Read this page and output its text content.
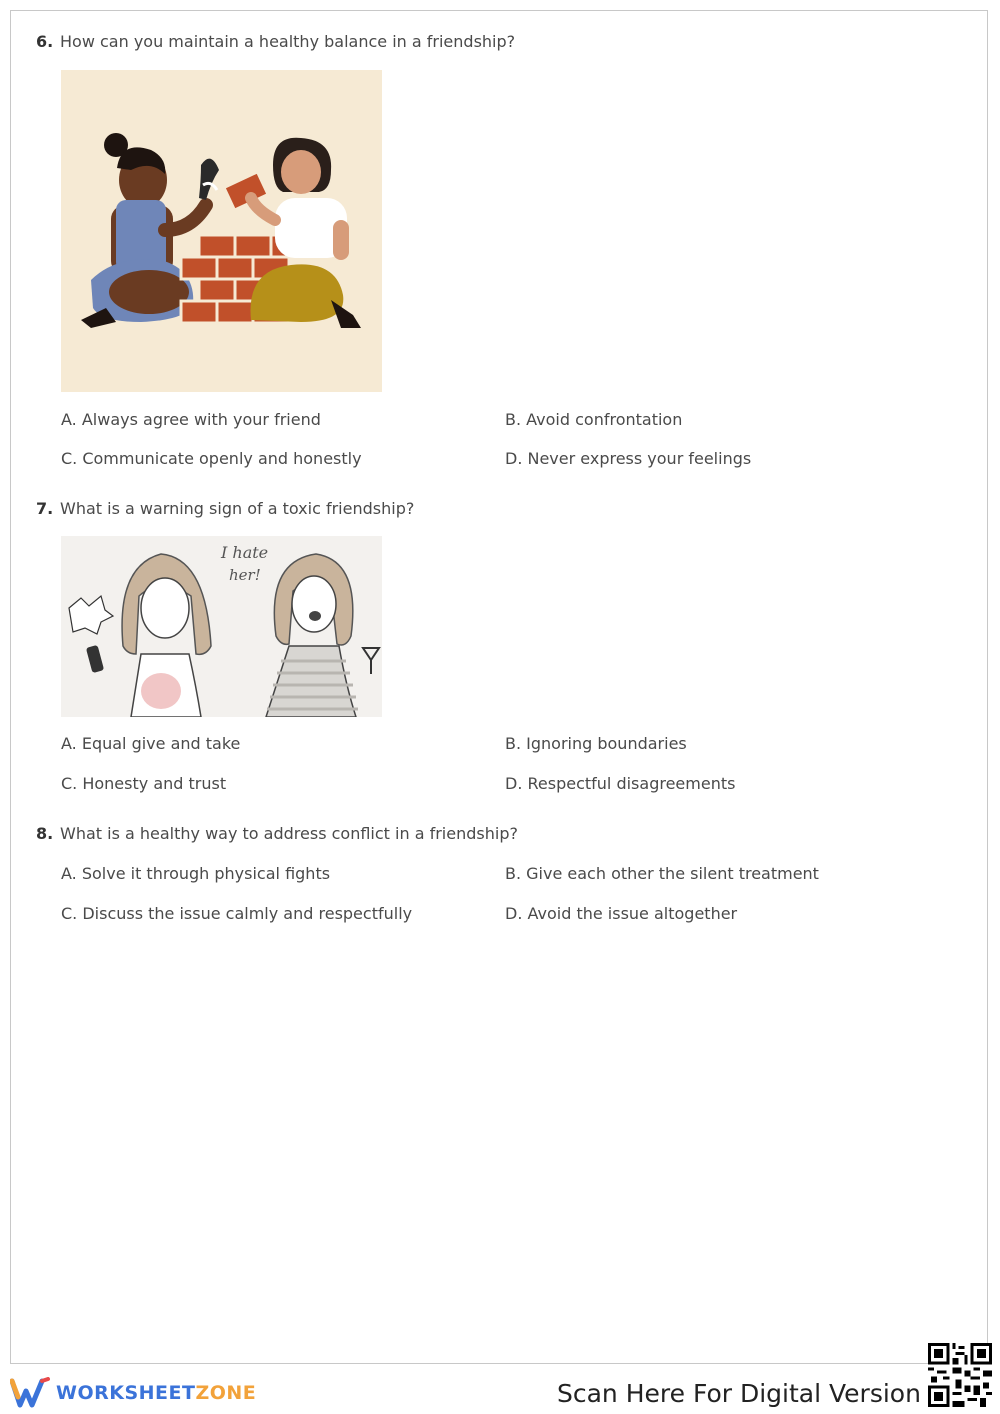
6. How can you maintain a healthy balance in a friendship?
A. Always agree with your friend	B. Avoid confrontation
C. Communicate openly and honestly	D. Never express your feelings
7. What is a warning sign of a toxic friendship?
I hate
her!
A. Equal give and take	B. Ignoring boundaries
C. Honesty and trust	D. Respectful disagreements
8. What is a healthy way to address conflict in a friendship?
A. Solve it through physical fights	B. Give each other the silent treatment
C. Discuss the issue calmly and respectfully	D. Avoid the issue altogether
WORKSHEETZONE	Scan Here For Digital Version
